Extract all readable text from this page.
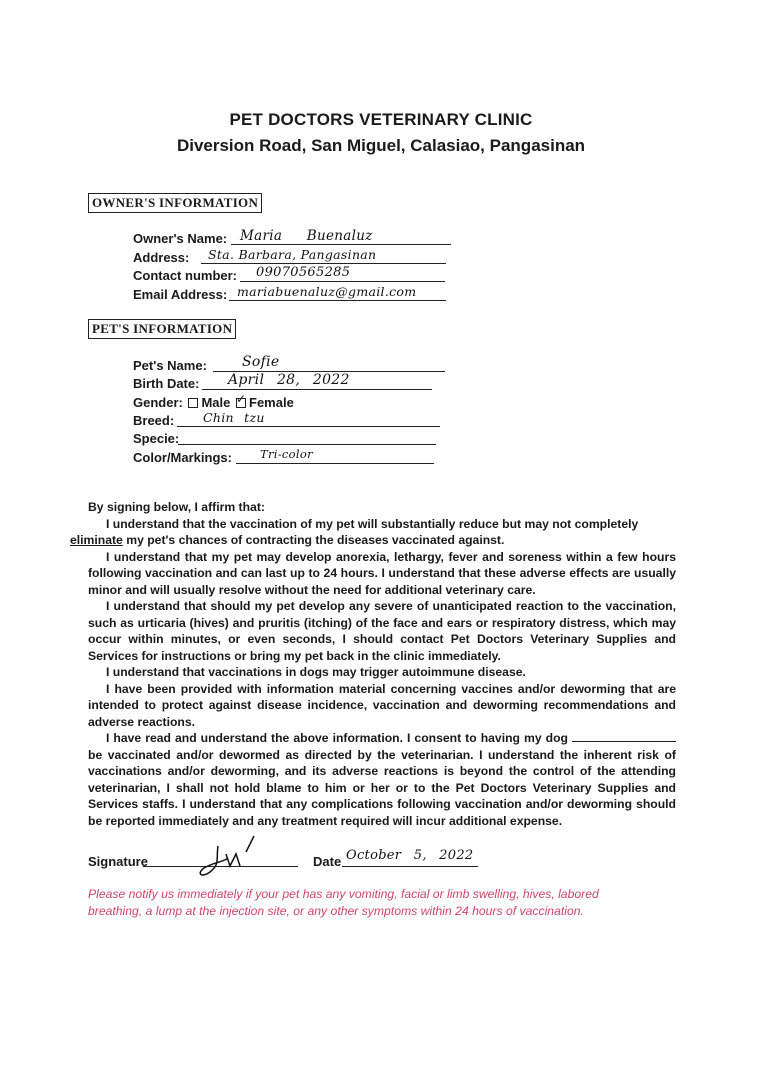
PET DOCTORS VETERINARY CLINIC
Diversion Road, San Miguel, Calasiao, Pangasinan
OWNER'S INFORMATION
Owner's Name: Maria Buenaluz
Address: Sta. Barbara, Pangasinan
Contact number: 09070565285
Email Address: mariabuenaluz@gmail.com
PET'S INFORMATION
Pet's Name:	Sofie
Birth Date: April 28, 2022
Gender: Male ✓ Female
Breed: Chin tzu
Specie:
Color/Markings: Tri-color

By signing below, I affirm that:

I understand that the vaccination of my pet will substantially reduce but may not completely
eliminate my pet's chances of contracting the diseases vaccinated against.

I understand that my pet may develop anorexia, lethargy, fever and soreness within a few hours following vaccination and can last up to 24 hours. I understand that these adverse effects are usually minor and will usually resolve without the need for additional veterinary care.

I understand that should my pet develop any severe of unanticipated reaction to the vaccination, such as urticaria (hives) and pruritis (itching) of the face and ears or respiratory distress, which may occur within minutes, or even seconds, I should contact Pet Doctors Veterinary Supplies and Services for instructions or bring my pet back in the clinic immediately.

I understand that vaccinations in dogs may trigger autoimmune disease.

I have been provided with information material concerning vaccines and/or deworming that are intended to protect against disease incidence, vaccination and deworming recommendations and adverse reactions.

I have read and understand the above information. I consent to having my dog  be vaccinated and/or dewormed as directed by the veterinarian. I understand the inherent risk of vaccinations and/or deworming, and its adverse reactions is beyond the control of the attending veterinarian, I shall not hold blame to him or her or to the Pet Doctors Veterinary Supplies and Services staffs. I understand that any complications following vaccination and/or deworming should be reported immediately and any treatment required will incur additional expense.

Signature	Date October 5, 2022
Please notify us immediately if your pet has any vomiting, facial or limb swelling, hives, labored breathing, a lump at the injection site, or any other symptoms within 24 hours of vaccination.
